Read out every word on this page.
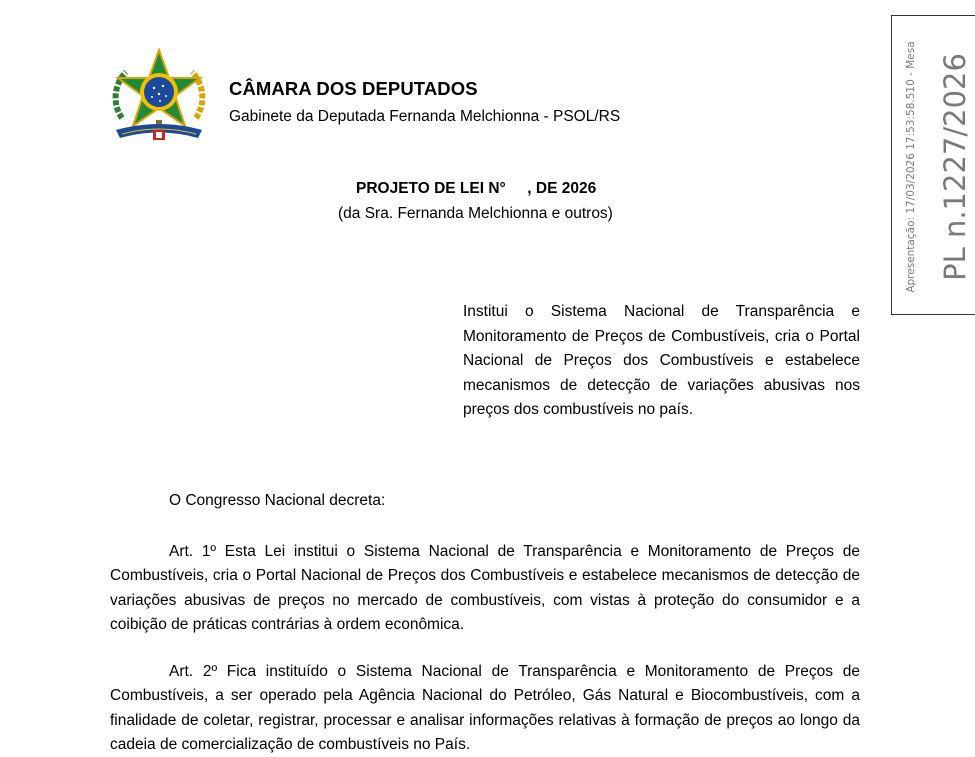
CÂMARA DOS DEPUTADOS
Gabinete da Deputada Fernanda Melchionna - PSOL/RS
PROJETO DE LEI N°     , DE 2026
(da Sra. Fernanda Melchionna e outros)
Institui o Sistema Nacional de Transparência e Monitoramento de Preços de Combustíveis, cria o Portal Nacional de Preços dos Combustíveis e estabelece mecanismos de detecção de variações abusivas nos preços dos combustíveis no país.
O Congresso Nacional decreta:
Art. 1º Esta Lei institui o Sistema Nacional de Transparência e Monitoramento de Preços de Combustíveis, cria o Portal Nacional de Preços dos Combustíveis e estabelece mecanismos de detecção de variações abusivas de preços no mercado de combustíveis, com vistas à proteção do consumidor e a coibição de práticas contrárias à ordem econômica.
Art. 2º Fica instituído o Sistema Nacional de Transparência e Monitoramento de Preços de Combustíveis, a ser operado pela Agência Nacional do Petróleo, Gás Natural e Biocombustíveis, com a finalidade de coletar, registrar, processar e analisar informações relativas à formação de preços ao longo da cadeia de comercialização de combustíveis no País.
Apresentação: 17/03/2026 17:53:58.510 - Mesa PL n.1227/2026
